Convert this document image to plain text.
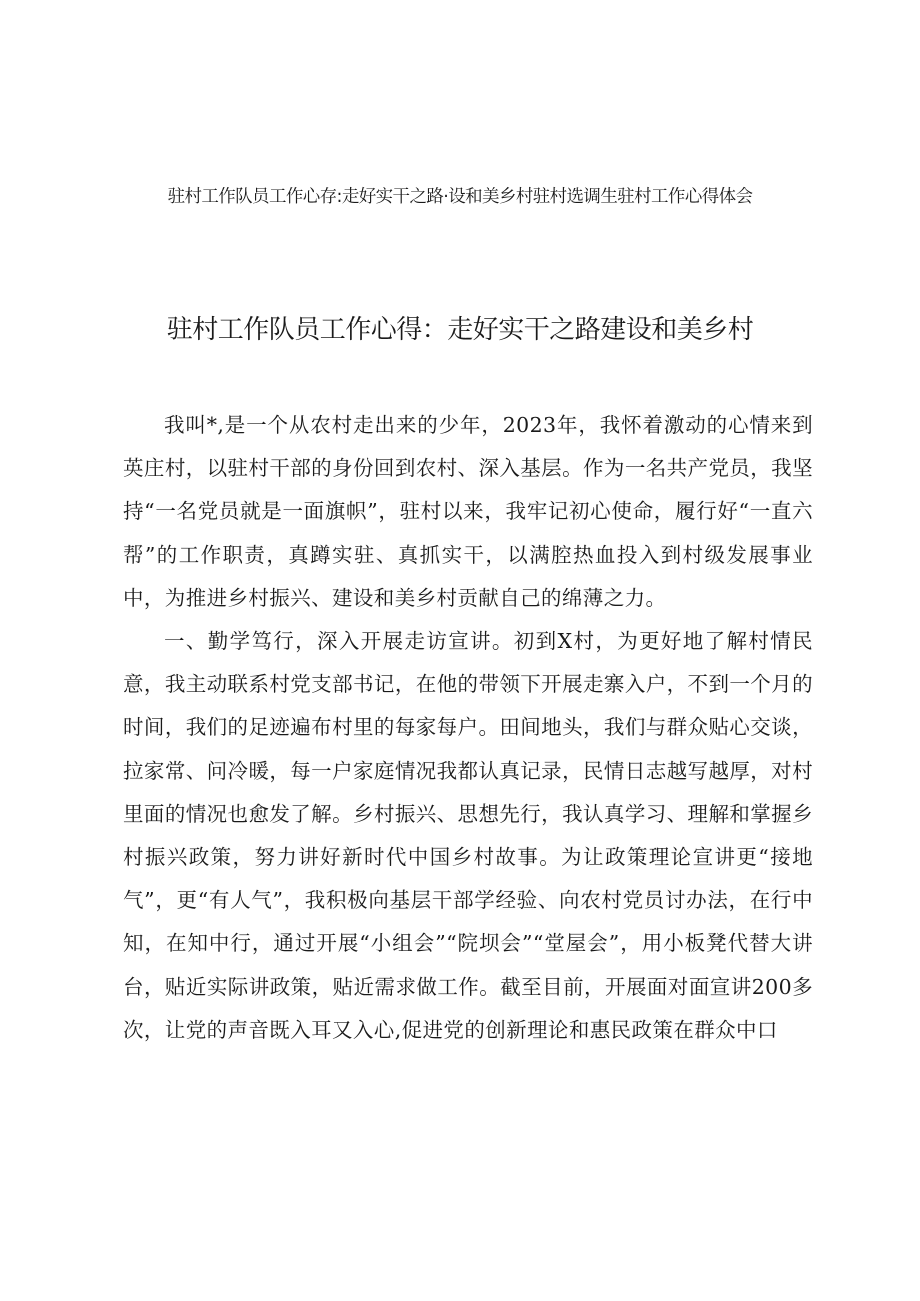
驻村工作队员工作心存:走好实干之路·设和美乡村驻村选调生驻村工作心得体会
驻村工作队员工作心得：走好实干之路建设和美乡村

我叫*,是一个从农村走出来的少年，2023年，我怀着激动的心情来到英庄村，以驻村干部的身份回到农村、深入基层。作为一名共产党员，我坚持“一名党员就是一面旗帜”，驻村以来，我牢记初心使命，履行好“一直六帮”的工作职责，真蹲实驻、真抓实干，以满腔热血投入到村级发展事业中，为推进乡村振兴、建设和美乡村贡献自己的绵薄之力。

一、勤学笃行，深入开展走访宣讲。初到X村，为更好地了解村情民意，我主动联系村党支部书记，在他的带领下开展走寨入户，不到一个月的时间，我们的足迹遍布村里的每家每户。田间地头，我们与群众贴心交谈，拉家常、问冷暖，每一户家庭情况我都认真记录，民情日志越写越厚，对村里面的情况也愈发了解。乡村振兴、思想先行，我认真学习、理解和掌握乡村振兴政策，努力讲好新时代中国乡村故事。为让政策理论宣讲更“接地气”，更“有人气”，我积极向基层干部学经验、向农村党员讨办法，在行中知，在知中行，通过开展“小组会”“院坝会”“堂屋会”，用小板凳代替大讲台，贴近实际讲政策，贴近需求做工作。截至目前，开展面对面宣讲200多次，让党的声音既入耳又入心,促进党的创新理论和惠民政策在群众中口
